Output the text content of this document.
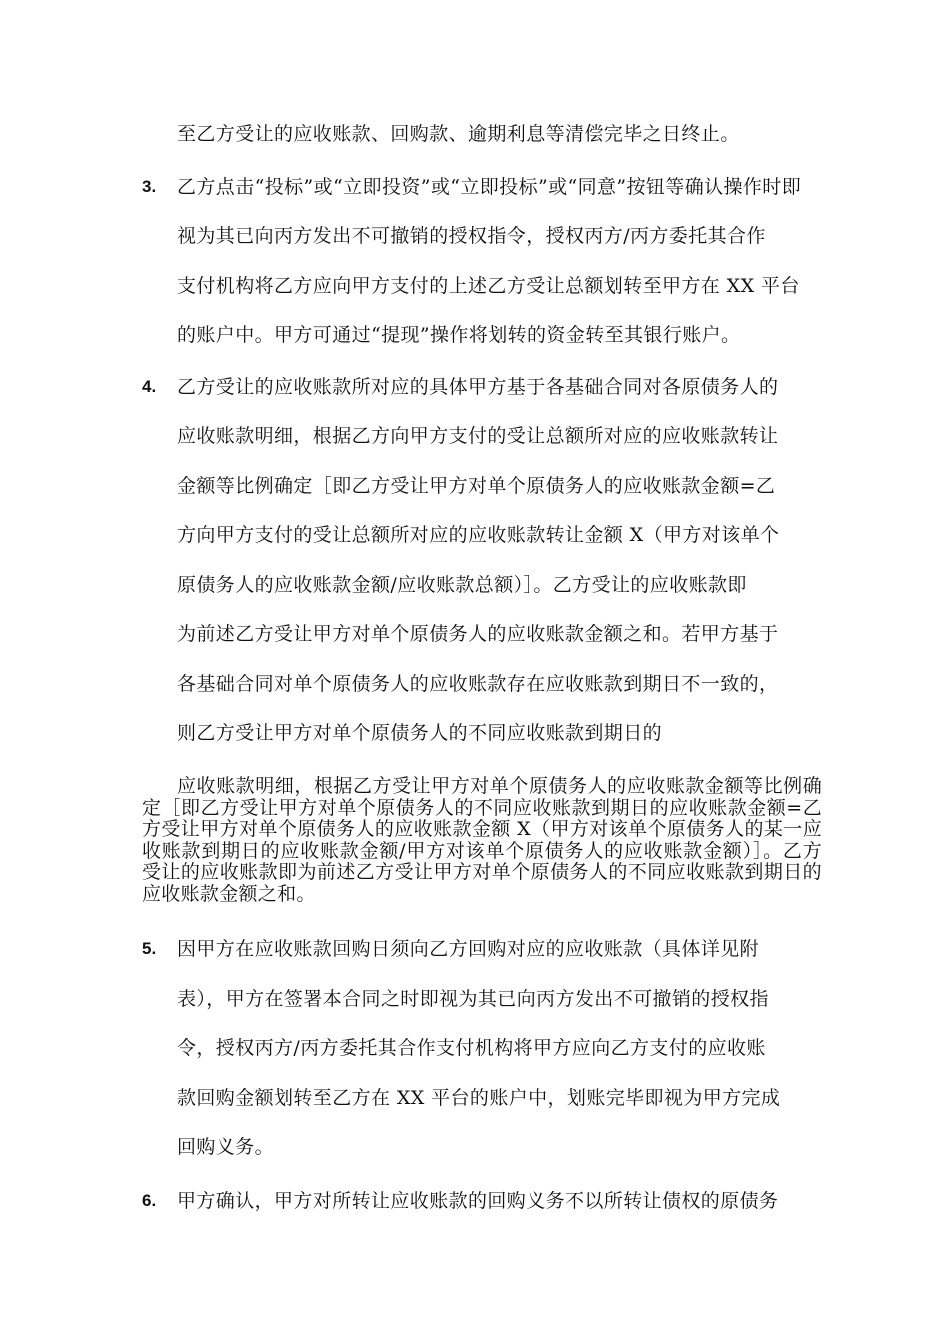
至乙方受让的应收账款、回购款、逾期利息等清偿完毕之日终止。
3. 乙方点击“投标”或“立即投资”或“立即投标”或“同意”按钮等确认操作时即
视为其已向丙方发出不可撤销的授权指令，授权丙方/丙方委托其合作
支付机构将乙方应向甲方支付的上述乙方受让总额划转至甲方在 XX 平台
的账户中。甲方可通过“提现”操作将划转的资金转至其银行账户。
4. 乙方受让的应收账款所对应的具体甲方基于各基础合同对各原债务人的
应收账款明细，根据乙方向甲方支付的受让总额所对应的应收账款转让
金额等比例确定［即乙方受让甲方对单个原债务人的应收账款金额=乙
方向甲方支付的受让总额所对应的应收账款转让金额 X（甲方对该单个
原债务人的应收账款金额/应收账款总额）］。乙方受让的应收账款即
为前述乙方受让甲方对单个原债务人的应收账款金额之和。若甲方基于
各基础合同对单个原债务人的应收账款存在应收账款到期日不一致的，
则乙方受让甲方对单个原债务人的不同应收账款到期日的
应收账款明细，根据乙方受让甲方对单个原债务人的应收账款金额等比例确定［即乙方受让甲方对单个原债务人的不同应收账款到期日的应收账款金额=乙方受让甲方对单个原债务人的应收账款金额 X（甲方对该单个原债务人的某一应收账款到期日的应收账款金额/甲方对该单个原债务人的应收账款金额）］。乙方受让的应收账款即为前述乙方受让甲方对单个原债务人的不同应收账款到期日的应收账款金额之和。
5. 因甲方在应收账款回购日须向乙方回购对应的应收账款（具体详见附
表），甲方在签署本合同之时即视为其已向丙方发出不可撤销的授权指
令，授权丙方/丙方委托其合作支付机构将甲方应向乙方支付的应收账
款回购金额划转至乙方在 XX 平台的账户中，划账完毕即视为甲方完成
回购义务。
6. 甲方确认，甲方对所转让应收账款的回购义务不以所转让债权的原债务
